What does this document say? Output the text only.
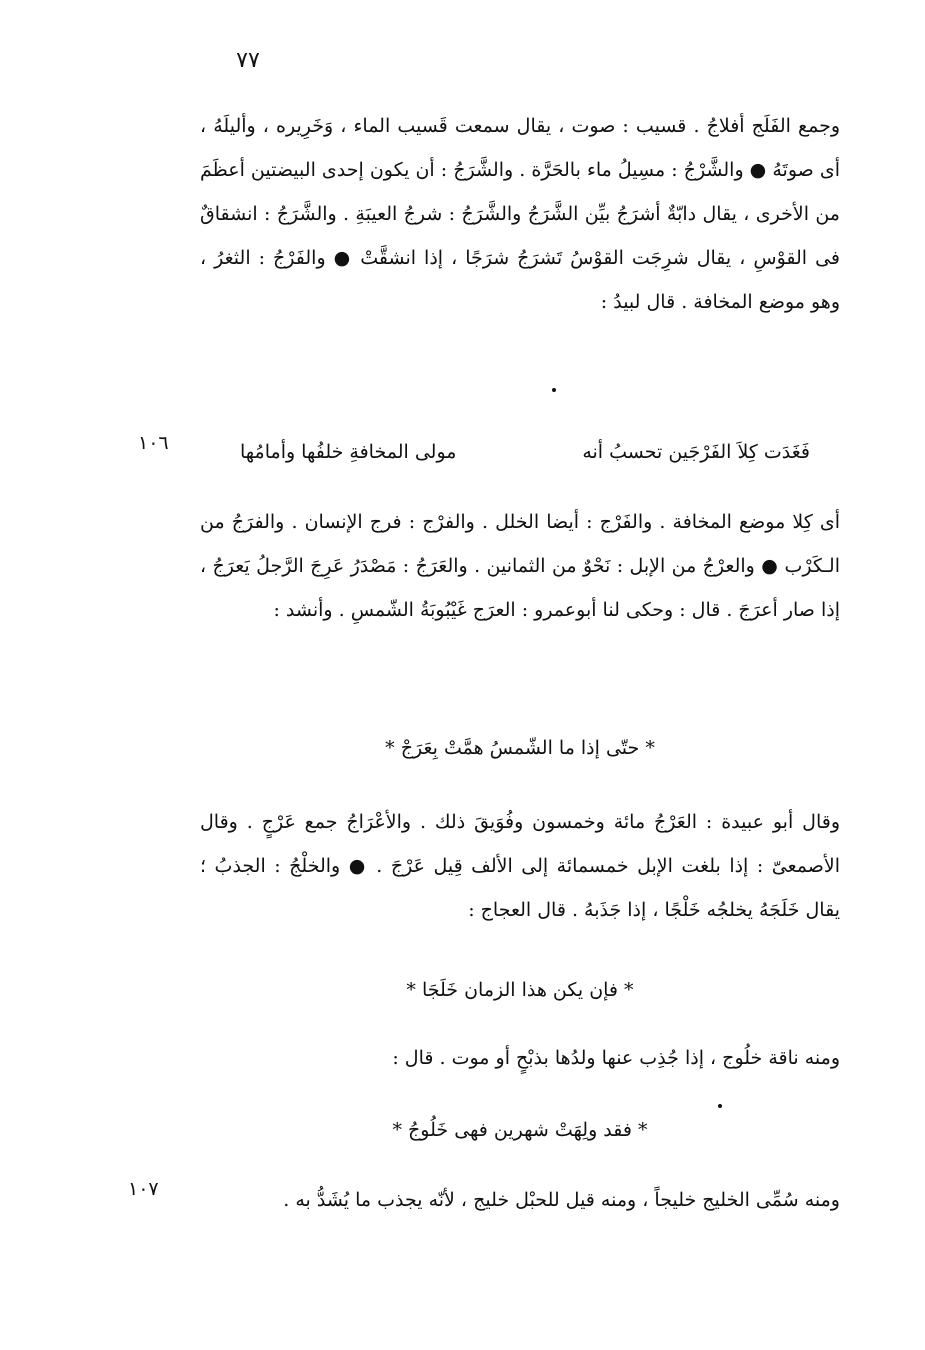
٧٧

وجمع الفَلَج أفلاجُ . قسيب : صوت ، يقال سمعت قَسيب الماء ، وَخَرِيره ، وأليلَهُ ، أى صوتَهُ ● والشَّرْجُ : مسِيلُ ماء بالحَرَّة . والشَّرَجُ : أن يكون إحدى البيضتين أعظَمَ من الأخرى ، يقال دابّةٌ أشرَجُ بيِّن الشَّرَجُ والشَّرَجُ : شرجُ العيبَةِ . والشَّرَجُ : انشقاقٌ فى القوْسِ ، يقال شرِجَت القوْسُ تَشرَجُ شرَجًا ، إذا انشقَّتْ ● والفَرْجُ : الثغرُ ، وهو موضع المخافة . قال لبيدُ :

فَغَدَت كِلاَ الفَرْجَين تحسبُ أنه
مولى المخافةِ خلفُها وأمامُها
١٠٦

أى كِلا موضع المخافة . والفَرْج : أيضا الخلل . والفرْج : فرج الإنسان . والفرَجُ من الـكَرْب ● والعرْجُ من الإبل : نَحْوٌ من الثمانين . والعَرَجُ : مَصْدَرُ عَرِجَ الرَّجلُ يَعرَجُ ، إذا صار أعرَجَ . قال : وحكى لنا أبوعمرو : العرَج غَيْبُوبَةُ الشّمسِ . وأنشد :

* حتّى إذا ما الشّمسُ همَّتْ بِعَرَجْ *

وقال أبو عبيدة : العَرْجُ مائة وخمسون وفُوَيقَ ذلك . والأعْرَاجُ جمع عَرْجٍ . وقال الأصمعىّ : إذا بلغت الإبل خمسمائة إلى الألف قِيل عَرْجَ . ● والخلْجُ : الجذبُ ؛ يقال خَلَجَهُ يخلجُه خَلْجًا ، إذا جَذَبهُ . قال العجاج :

* فإن يكن هذا الزمان خَلَجَا *

ومنه ناقة خلُوج ، إذا جُذِب عنها ولدُها بذبْحٍ أو موت . قال :

* فقد ولِهَتْ شهرين فهى خَلُوجُ *

ومنه سُمِّى الخليج خليجاً ، ومنه قيل للحبْل خليج ، لأنّه يجذب ما يُشَدُّ به .

١٠٧
